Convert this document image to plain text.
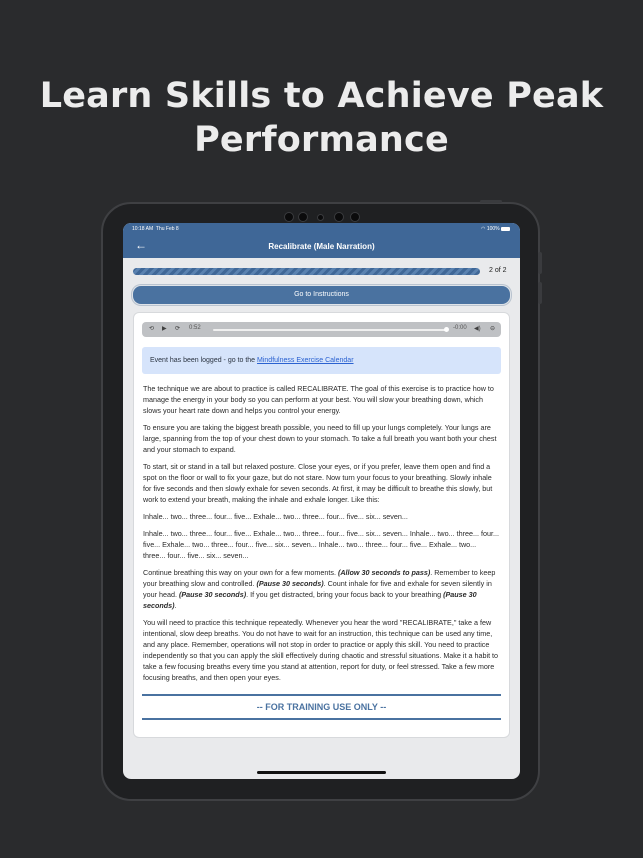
Learn Skills to Achieve Peak
Performance
10:18 AM Thu Feb 8	◠ 100%
←	Recalibrate (Male Narration)
2 of 2
Go to Instructions
⟲ ▶ ⟳ 0:52	-0:00 ◀) ⊖
Event has been logged - go to the Mindfulness Exercise Calendar

The technique we are about to practice is called RECALIBRATE. The goal of this exercise is to practice how to manage the energy in your body so you can perform at your best. You will slow your breathing down, which slows your heart rate down and helps you control your energy.

To ensure you are taking the biggest breath possible, you need to fill up your lungs completely. Your lungs are large, spanning from the top of your chest down to your stomach. To take a full breath you want both your chest and your stomach to expand.

To start, sit or stand in a tall but relaxed posture. Close your eyes, or if you prefer, leave them open and find a spot on the floor or wall to fix your gaze, but do not stare. Now turn your focus to your breathing. Slowly inhale for five seconds and then slowly exhale for seven seconds. At first, it may be difficult to breathe this slowly, but work to extend your breath, making the inhale and exhale longer. Like this:

Inhale... two... three... four... five... Exhale... two... three... four... five... six... seven...

Inhale... two... three... four... five... Exhale... two... three... four... five... six... seven... Inhale... two... three... four... five... Exhale... two... three... four... five... six... seven... Inhale... two... three... four... five... Exhale... two... three... four... five... six... seven...

Continue breathing this way on your own for a few moments. (Allow 30 seconds to pass). Remember to keep your breathing slow and controlled. (Pause 30 seconds). Count inhale for five and exhale for seven silently in your head. (Pause 30 seconds). If you get distracted, bring your focus back to your breathing (Pause 30 seconds).

You will need to practice this technique repeatedly. Whenever you hear the word "RECALIBRATE," take a few intentional, slow deep breaths. You do not have to wait for an instruction, this technique can be used any time, and any place. Remember, operations will not stop in order to practice or apply this skill. You need to practice independently so that you can apply the skill effectively during chaotic and stressful situations. Make it a habit to take a few focusing breaths every time you stand at attention, report for duty, or feel stressed. Take a few more focusing breaths, and then open your eyes.

-- FOR TRAINING USE ONLY --
